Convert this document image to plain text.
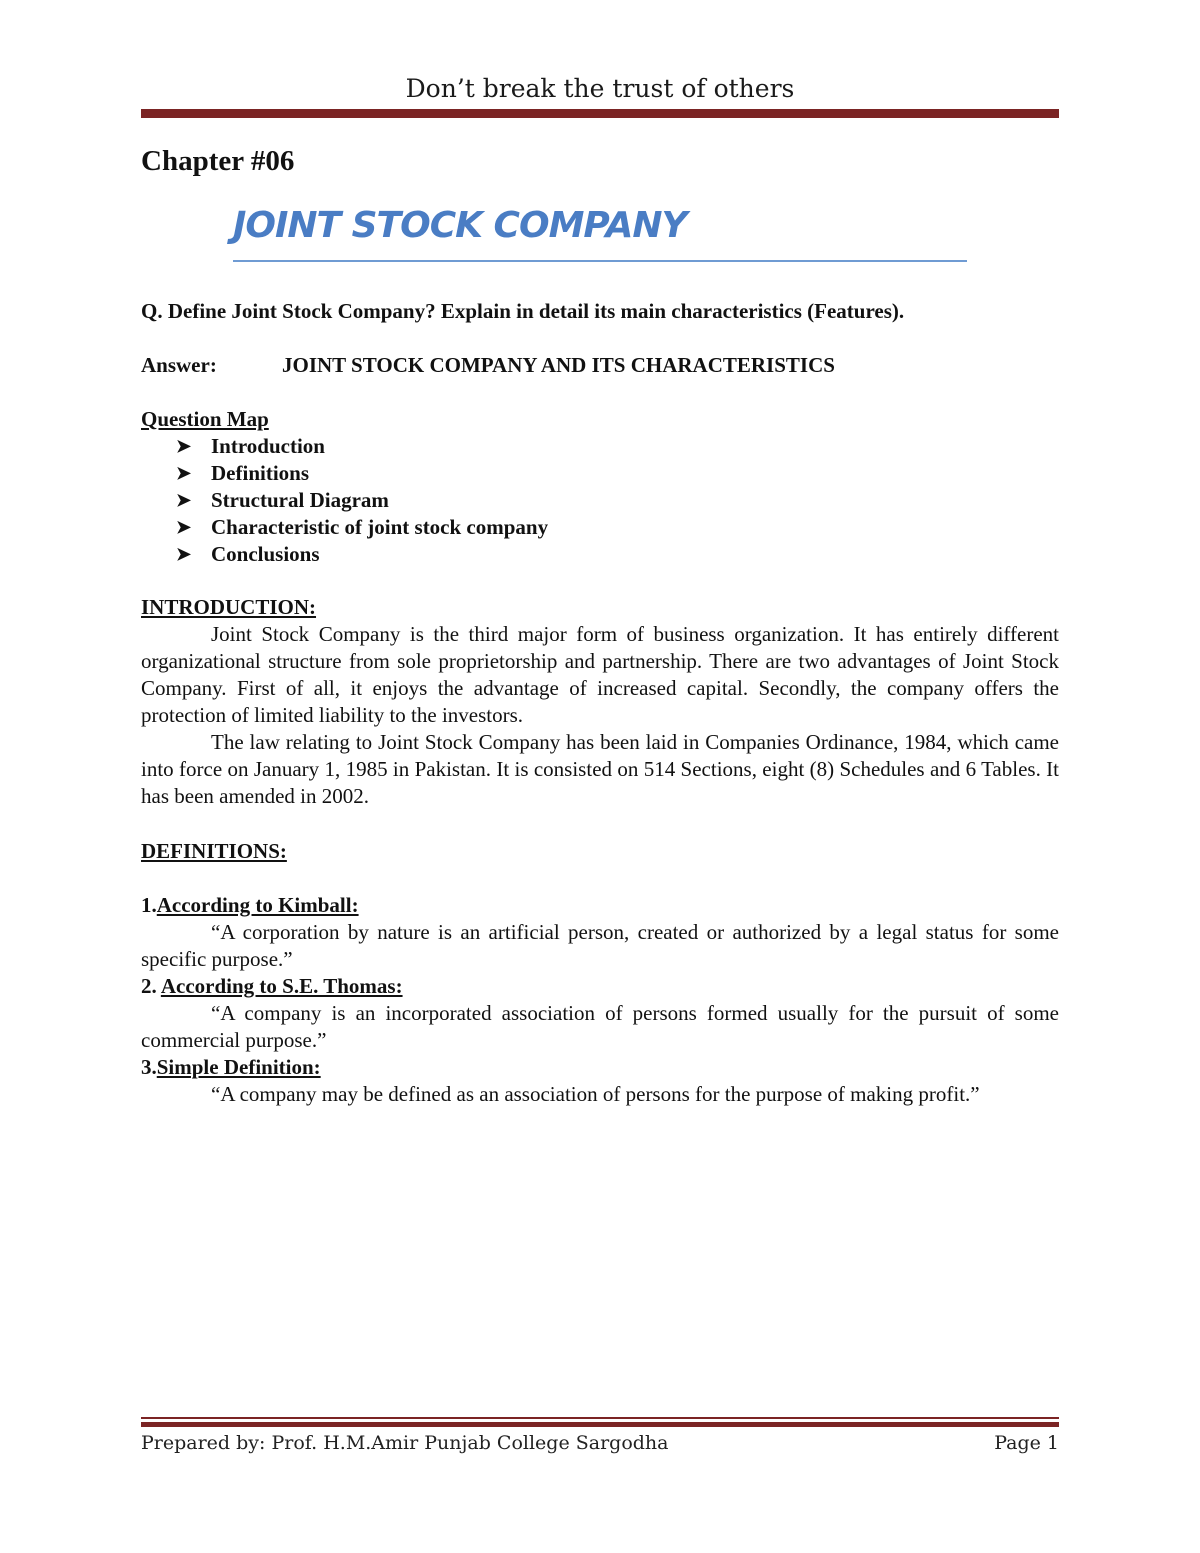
Don’t break the trust of others
Chapter #06
JOINT STOCK COMPANY
Q. Define Joint Stock Company? Explain in detail its main characteristics (Features).
Answer:	JOINT STOCK COMPANY AND ITS CHARACTERISTICS
Question Map
➤ Introduction
➤ Definitions
➤ Structural Diagram
➤ Characteristic of joint stock company
➤ Conclusions
INTRODUCTION:

Joint Stock Company is the third major form of business organization. It has entirely different organizational structure from sole proprietorship and partnership. There are two advantages of Joint Stock Company. First of all, it enjoys the advantage of increased capital. Secondly, the company offers the protection of limited liability to the investors.

The law relating to Joint Stock Company has been laid in Companies Ordinance, 1984, which came into force on January 1, 1985 in Pakistan. It is consisted on 514 Sections, eight (8) Schedules and 6 Tables. It has been amended in 2002.

DEFINITIONS:

1.According to Kimball:

“A corporation by nature is an artificial person, created or authorized by a legal status for some specific purpose.”

2. According to S.E. Thomas:

“A company is an incorporated association of persons formed usually for the pursuit of some commercial purpose.”

3.Simple Definition:

“A company may be defined as an association of persons for the purpose of making profit.”

Prepared by: Prof. H.M.Amir Punjab College Sargodha	Page 1
